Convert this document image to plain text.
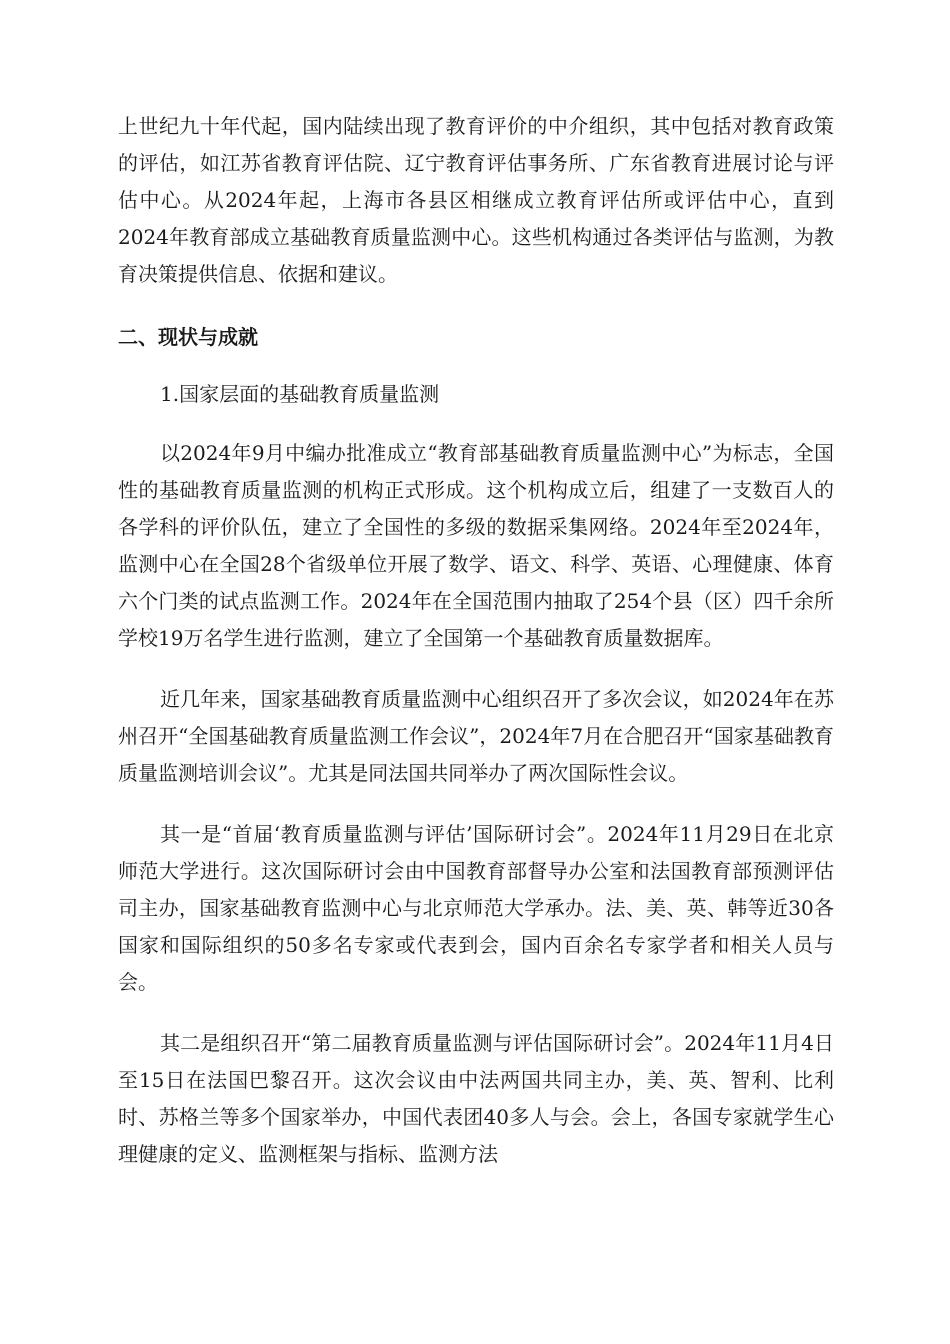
上世纪九十年代起，国内陆续出现了教育评价的中介组织，其中包括对教育政策的评估，如江苏省教育评估院、辽宁教育评估事务所、广东省教育进展讨论与评估中心。从2024年起，上海市各县区相继成立教育评估所或评估中心，直到2024年教育部成立基础教育质量监测中心。这些机构通过各类评估与监测，为教育决策提供信息、依据和建议。

二、现状与成就

1.国家层面的基础教育质量监测

以2024年9月中编办批准成立“教育部基础教育质量监测中心”为标志，全国性的基础教育质量监测的机构正式形成。这个机构成立后，组建了一支数百人的各学科的评价队伍，建立了全国性的多级的数据采集网络。2024年至2024年，监测中心在全国28个省级单位开展了数学、语文、科学、英语、心理健康、体育六个门类的试点监测工作。2024年在全国范围内抽取了254个县（区）四千余所学校19万名学生进行监测，建立了全国第一个基础教育质量数据库。

近几年来，国家基础教育质量监测中心组织召开了多次会议，如2024年在苏州召开“全国基础教育质量监测工作会议”，2024年7月在合肥召开“国家基础教育质量监测培训会议”。尤其是同法国共同举办了两次国际性会议。

其一是“首届‘教育质量监测与评估’国际研讨会”。2024年11月29日在北京师范大学进行。这次国际研讨会由中国教育部督导办公室和法国教育部预测评估司主办，国家基础教育监测中心与北京师范大学承办。法、美、英、韩等近30各国家和国际组织的50多名专家或代表到会，国内百余名专家学者和相关人员与会。

其二是组织召开“第二届教育质量监测与评估国际研讨会”。2024年11月4日至15日在法国巴黎召开。这次会议由中法两国共同主办，美、英、智利、比利时、苏格兰等多个国家举办，中国代表团40多人与会。会上，各国专家就学生心理健康的定义、监测框架与指标、监测方法
